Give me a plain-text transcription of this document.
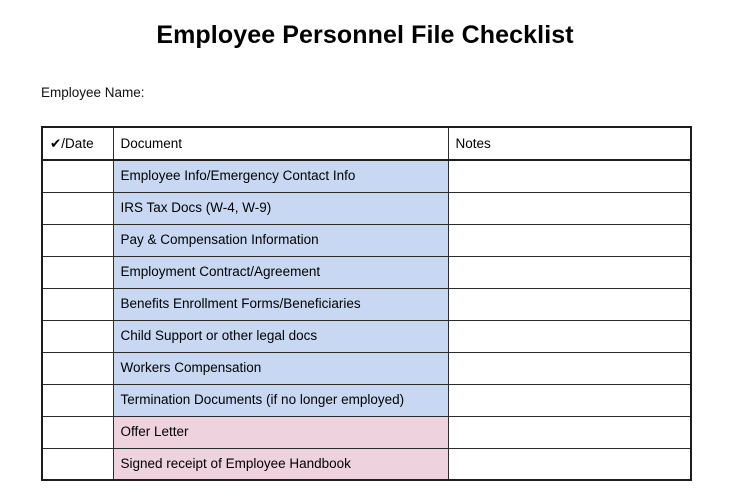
Employee Personnel File Checklist
Employee Name:
✔/Date	Document	Notes
	Employee Info/Emergency Contact Info	
	IRS Tax Docs (W-4, W-9)	
	Pay & Compensation Information	
	Employment Contract/Agreement	
	Benefits Enrollment Forms/Beneficiaries	
	Child Support or other legal docs	
	Workers Compensation	
	Termination Documents (if no longer employed)	
	Offer Letter	
	Signed receipt of Employee Handbook	
